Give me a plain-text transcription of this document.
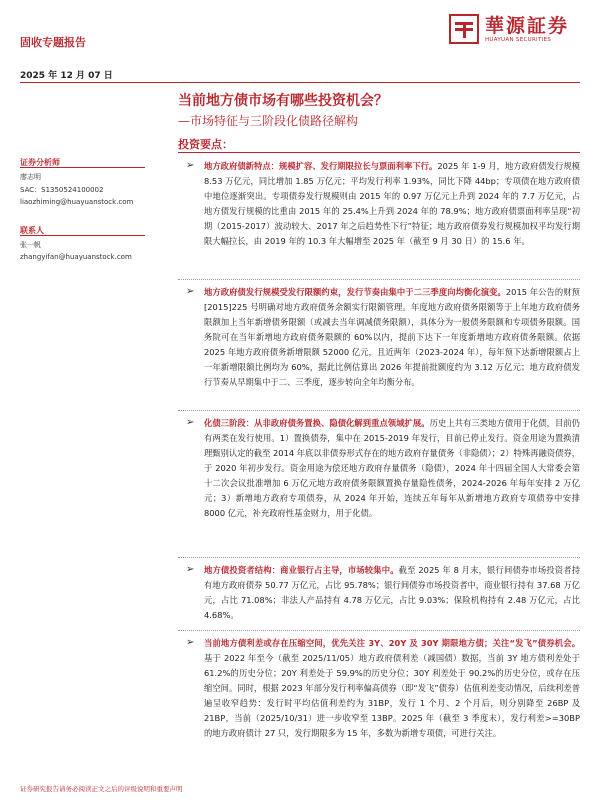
固收专题报告
華源証券
HUAYUAN SECURITIES
2025 年 12 月 07 日
当前地方债市场有哪些投资机会？
—市场特征与三阶段化债路径解构
投资要点：
证券分析师
廖志明
SAC：S1350524100002
liaozhiming@huayuanstock.com
联系人
张一帆
zhangyifan@huayuanstock.com
➢ 地方政府债新特点：规模扩容、发行期限拉长与票面利率下行。2025 年 1-9 月，地方政府债发行规模 8.53 万亿元，同比增加 1.85 万亿元；平均发行利率 1.93%，同比下降 44bp；专项债在地方政府债中地位逐渐突出。专项债券发行规模则由 2015 年的 0.97 万亿元上升到 2024 年的 7.7 万亿元，占地方债发行规模的比重由 2015 年的 25.4%上升到 2024 年的 78.9%；地方政府债票面利率呈现“初期（2015-2017）波动较大、2017 年之后趋势性下行”特征；地方政府债券发行规模加权平均发行期限大幅拉长，由 2019 年的 10.3 年大幅增至 2025 年（截至 9 月 30 日）的 15.6 年。
➢ 地方政府债发行规模受发行限额约束，发行节奏由集中于二三季度向均衡化演变。2015 年公告的财预[2015]225 号明确对地方政府债务余额实行限额管理。年度地方政府债务限额等于上年地方政府债务限额加上当年新增债务限额（或减去当年调减债务限额），具体分为一般债务限额和专项债务限额。国务院可在当年新增地方政府债务限额的 60%以内，提前下达下一年度新增地方政府债务限额。依据 2025 年地方政府债务新增限额 52000 亿元，且近两年（2023-2024 年），每年预下达新增限额占上一年新增限额比例均为 60%，据此比例估算出 2026 年提前批额度约为 3.12 万亿元；地方政府债发行节奏从早期集中于二、三季度，逐步转向全年均衡分布。
➢ 化债三阶段：从非政府债务置换、隐债化解到重点领域扩展。历史上共有三类地方债用于化债，目前仍有两类在发行使用。1）置换债券，集中在 2015-2019 年发行，目前已停止发行。资金用途为置换清理甄别认定的截至 2014 年底以非债券形式存在的地方政府存量债务（非隐债）；2）特殊再融资债券，于 2020 年初步发行。资金用途为偿还地方政府存量债务（隐债），2024 年十四届全国人大常委会第十二次会议批准增加 6 万亿元地方政府债务限额置换存量隐性债务，2024-2026 年每年安排 2 万亿元；3）新增地方政府专项债券，从 2024 年开始，连续五年每年从新增地方政府专项债券中安排 8000 亿元，补充政府性基金财力，用于化债。
➢ 地方债投资者结构：商业银行占主导，市场较集中。截至 2025 年 8 月末，银行间债券市场投资者持有地方政府债券 50.77 万亿元，占比 95.78%；银行间债券市场投资者中，商业银行持有 37.68 万亿元，占比 71.08%；非法人产品持有 4.78 万亿元，占比 9.03%；保险机构持有 2.48 万亿元，占比 4.68%。
➢ 当前地方债利差或存在压缩空间，优先关注 3Y、20Y 及 30Y 期限地方债；关注“发飞”债券机会。基于 2022 年至今（截至 2025/11/05）地方政府债利差（减国债）数据，当前 3Y 地方债利差处于 61.2%的历史分位；20Y 利差处于 59.9%的历史分位；30Y 利差处于 90.2%的历史分位，或存在压缩空间。同时，根据 2023 年部分发行利率偏高债券（即“发飞”债券）估值利差变动情况，后续利差普遍呈收窄趋势：发行时平均估值利差约为 31BP，发行 1 个月、2 个月后，则分别降至 26BP 及 21BP，当前（2025/10/31）进一步收窄至 13BP。2025 年（截至 3 季度末），发行利差>=30BP 的地方政府债计 27 只，发行期限多为 15 年，多数为新增专项债，可进行关注。
证券研究报告请务必阅读正文之后的评级说明和重要声明
